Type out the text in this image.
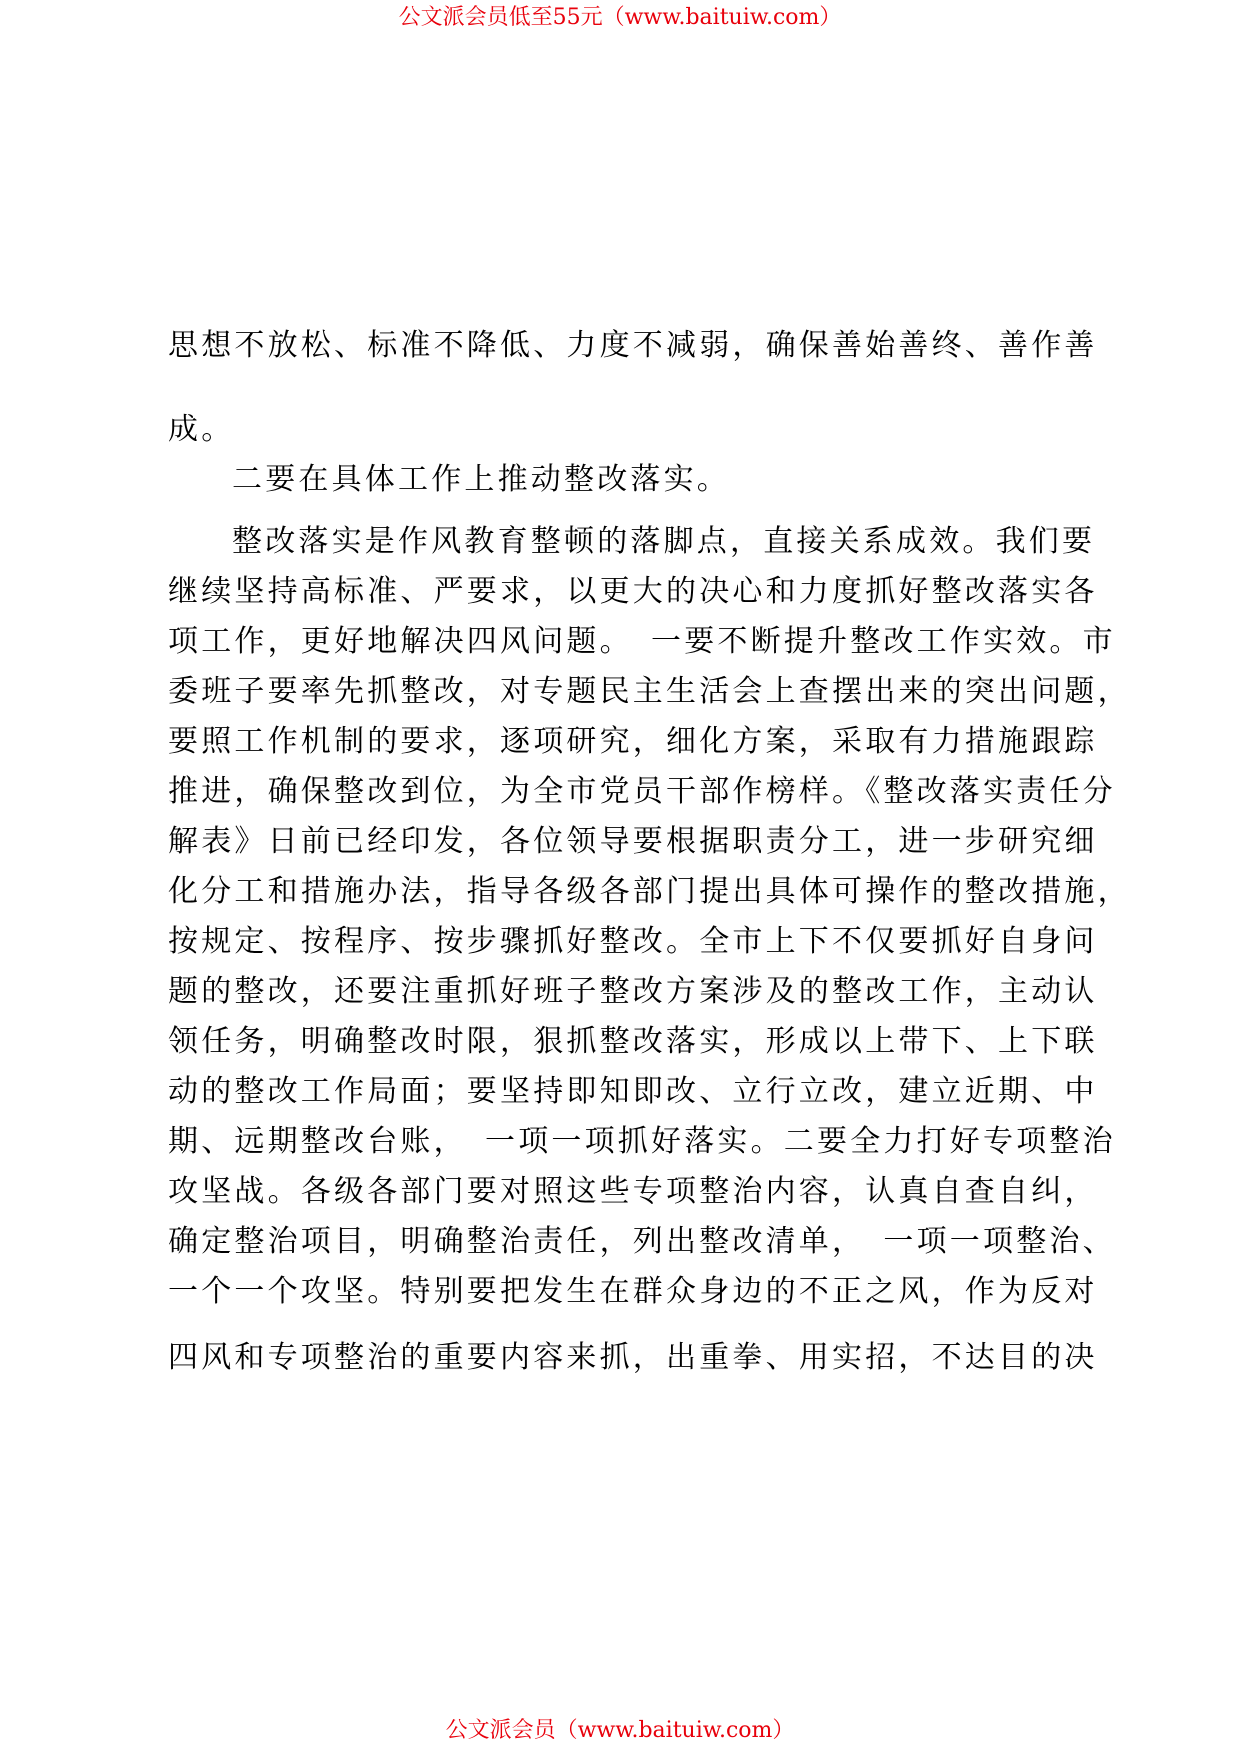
公文派会员低至55元（www.baituiw.com）
思想不放松、标准不降低、力度不减弱，确保善始善终、善作善
成。
二要在具体工作上推动整改落实。
整改落实是作风教育整顿的落脚点，直接关系成效。我们要
继续坚持高标准、严要求，以更大的决心和力度抓好整改落实各
项工作，更好地解决四风问题。　一要不断提升整改工作实效。市
委班子要率先抓整改，对专题民主生活会上查摆出来的突出问题，
要照工作机制的要求，逐项研究，细化方案，采取有力措施跟踪
推进，确保整改到位，为全市党员干部作榜样。《整改落实责任分
解表》日前已经印发，各位领导要根据职责分工，进一步研究细
化分工和措施办法，指导各级各部门提出具体可操作的整改措施，
按规定、按程序、按步骤抓好整改。全市上下不仅要抓好自身问
题的整改，还要注重抓好班子整改方案涉及的整改工作，主动认
领任务，明确整改时限，狠抓整改落实，形成以上带下、上下联
动的整改工作局面；要坚持即知即改、立行立改，建立近期、中
期、远期整改台账，　一项一项抓好落实。二要全力打好专项整治
攻坚战。各级各部门要对照这些专项整治内容，认真自查自纠，
确定整治项目，明确整治责任，列出整改清单，　一项一项整治、
一个一个攻坚。特别要把发生在群众身边的不正之风，作为反对
四风和专项整治的重要内容来抓，出重拳、用实招，不达目的决
公文派会员（www.baituiw.com）
